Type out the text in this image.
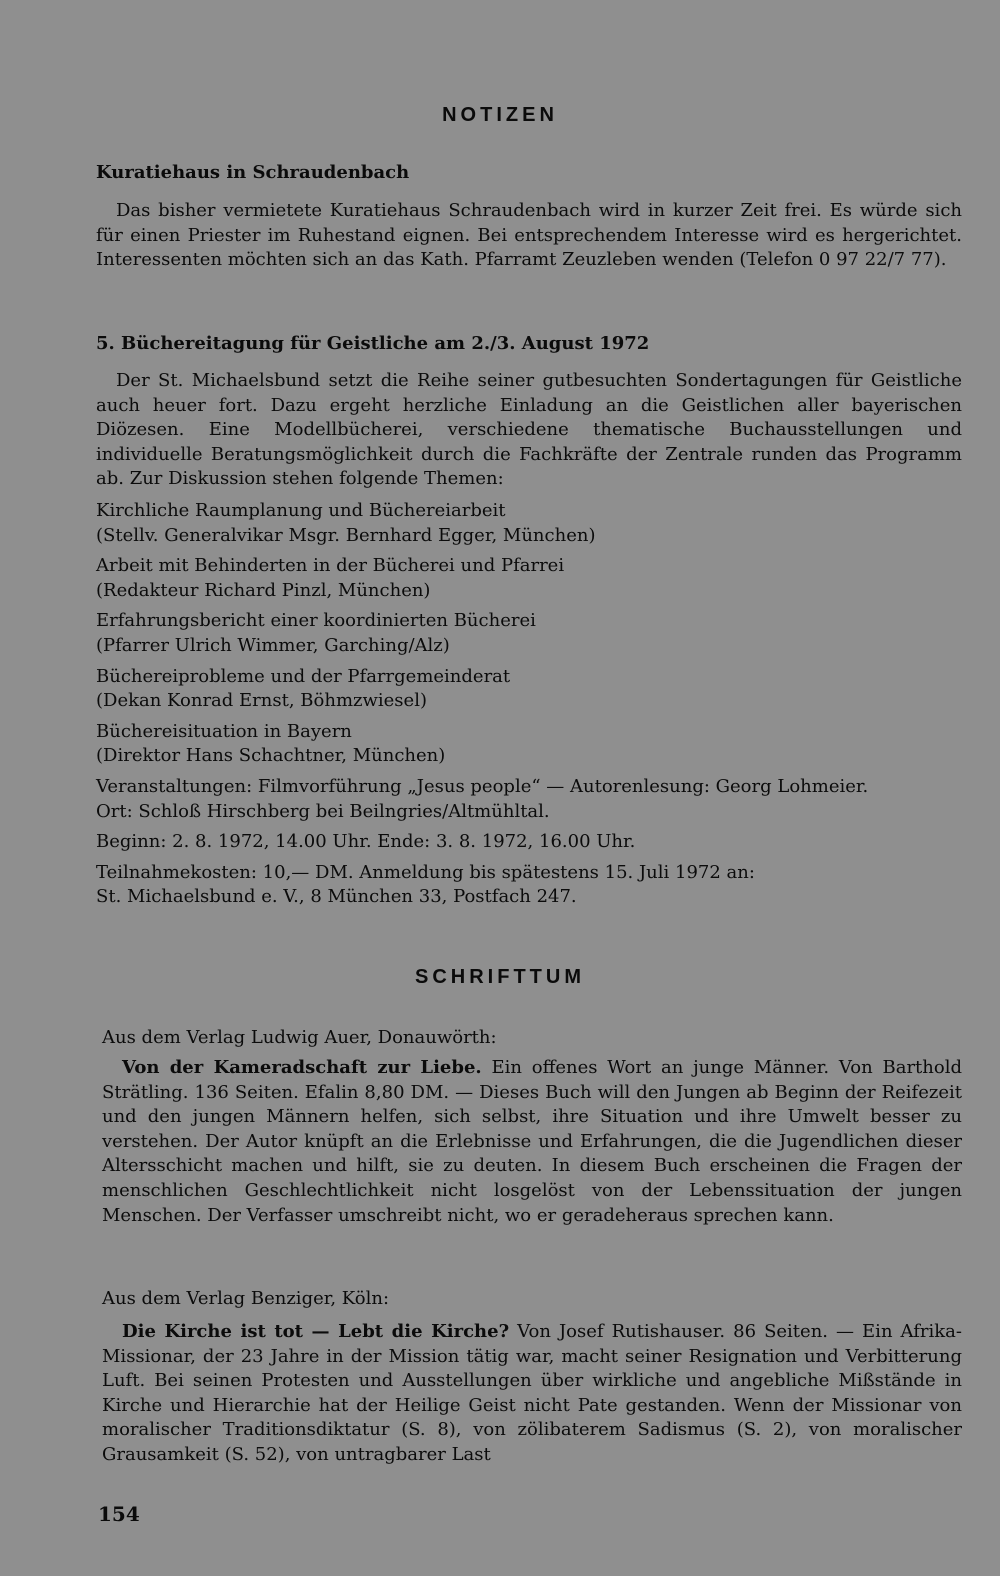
NOTIZEN
Kuratiehaus in Schraudenbach
Das bisher vermietete Kuratiehaus Schraudenbach wird in kurzer Zeit frei. Es würde sich für einen Priester im Ruhestand eignen. Bei entsprechendem Interesse wird es hergerichtet. Interessenten möchten sich an das Kath. Pfarramt Zeuzleben wenden (Telefon 0 97 22/7 77).
5. Büchereitagung für Geistliche am 2./3. August 1972
Der St. Michaelsbund setzt die Reihe seiner gutbesuchten Sondertagungen für Geistliche auch heuer fort. Dazu ergeht herzliche Einladung an die Geistlichen aller bayerischen Diözesen. Eine Modellbücherei, verschiedene thematische Buchausstellungen und individuelle Beratungsmöglichkeit durch die Fachkräfte der Zentrale runden das Programm ab. Zur Diskussion stehen folgende Themen:
Kirchliche Raumplanung und Büchereiarbeit
(Stellv. Generalvikar Msgr. Bernhard Egger, München)
Arbeit mit Behinderten in der Bücherei und Pfarrei
(Redakteur Richard Pinzl, München)
Erfahrungsbericht einer koordinierten Bücherei
(Pfarrer Ulrich Wimmer, Garching/Alz)
Büchereiprobleme und der Pfarrgemeinderat
(Dekan Konrad Ernst, Böhmzwiesel)
Büchereisituation in Bayern
(Direktor Hans Schachtner, München)
Veranstaltungen: Filmvorführung „Jesus people“ — Autorenlesung: Georg Lohmeier.
Ort: Schloß Hirschberg bei Beilngries/Altmühltal.
Beginn: 2. 8. 1972, 14.00 Uhr. Ende: 3. 8. 1972, 16.00 Uhr.
Teilnahmekosten: 10,— DM. Anmeldung bis spätestens 15. Juli 1972 an:
St. Michaelsbund e. V., 8 München 33, Postfach 247.
SCHRIFTTUM
Aus dem Verlag Ludwig Auer, Donauwörth:
Von der Kameradschaft zur Liebe. Ein offenes Wort an junge Männer. Von Barthold Strätling. 136 Seiten. Efalin 8,80 DM. — Dieses Buch will den Jungen ab Beginn der Reifezeit und den jungen Männern helfen, sich selbst, ihre Situation und ihre Umwelt besser zu verstehen. Der Autor knüpft an die Erlebnisse und Erfahrungen, die die Jugendlichen dieser Altersschicht machen und hilft, sie zu deuten. In diesem Buch erscheinen die Fragen der menschlichen Geschlechtlichkeit nicht losgelöst von der Lebenssituation der jungen Menschen. Der Verfasser umschreibt nicht, wo er geradeheraus sprechen kann.
Aus dem Verlag Benziger, Köln:
Die Kirche ist tot — Lebt die Kirche? Von Josef Rutishauser. 86 Seiten. — Ein Afrika-Missionar, der 23 Jahre in der Mission tätig war, macht seiner Resignation und Verbitterung Luft. Bei seinen Protesten und Ausstellungen über wirkliche und angebliche Mißstände in Kirche und Hierarchie hat der Heilige Geist nicht Pate gestanden. Wenn der Missionar von moralischer Traditionsdiktatur (S. 8), von zölibaterem Sadismus (S. 2), von moralischer Grausamkeit (S. 52), von untragbarer Last
154
